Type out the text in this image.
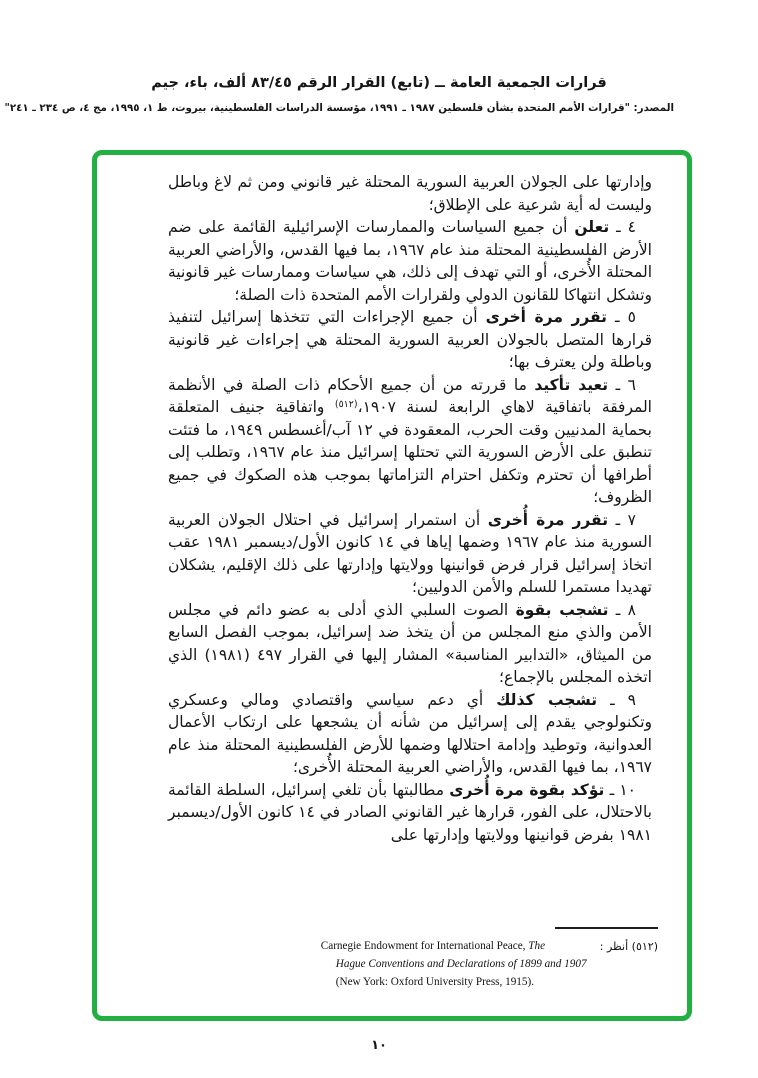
قرارات الجمعية العامة ــ (تابع) القرار الرقم ٨٣/٤٥ ألف، باء، جيم
المصدر: "قرارات الأمم المتحدة بشأن فلسطين ١٩٨٧ ـ ١٩٩١، مؤسسة الدراسات الفلسطينية، بيروت، ط ١، ١٩٩٥، مج ٤، ص ٢٣٤ ـ ٢٤١"

وإدارتها على الجولان العربية السورية المحتلة غير قانوني ومن ثم لاغ وباطل وليست له أية شرعية على الإطلاق؛

٤ ـ تعلن أن جميع السياسات والممارسات الإسرائيلية القائمة على ضم الأرض الفلسطينية المحتلة منذ عام ١٩٦٧، بما فيها القدس، والأراضي العربية المحتلة الأُخرى، أو التي تهدف إلى ذلك، هي سياسات وممارسات غير قانونية وتشكل انتهاكا للقانون الدولي ولقرارات الأمم المتحدة ذات الصلة؛

٥ ـ تقرر مرة أخرى أن جميع الإجراءات التي تتخذها إسرائيل لتنفيذ قرارها المتصل بالجولان العربية السورية المحتلة هي إجراءات غير قانونية وباطلة ولن يعترف بها؛

٦ ـ تعيد تأكيد ما قررته من أن جميع الأحكام ذات الصلة في الأنظمة المرفقة باتفاقية لاهاي الرابعة لسنة ١٩٠٧،$^{(٥١٢)}$ واتفاقية جنيف المتعلقة بحماية المدنيين وقت الحرب، المعقودة في ١٢ آب/أغسطس ١٩٤٩، ما فتئت تنطبق على الأرض السورية التي تحتلها إسرائيل منذ عام ١٩٦٧، وتطلب إلى أطرافها أن تحترم وتكفل احترام التزاماتها بموجب هذه الصكوك في جميع الظروف؛

٧ ـ تقرر مرة أُخرى أن استمرار إسرائيل في احتلال الجولان العربية السورية منذ عام ١٩٦٧ وضمها إياها في ١٤ كانون الأول/ديسمبر ١٩٨١ عقب اتخاذ إسرائيل قرار فرض قوانينها وولايتها وإدارتها على ذلك الإقليم، يشكلان تهديدا مستمرا للسلم والأمن الدوليين؛

٨ ـ تشجب بقوة الصوت السلبي الذي أدلى به عضو دائم في مجلس الأمن والذي منع المجلس من أن يتخذ ضد إسرائيل، بموجب الفصل السابع من الميثاق، «التدابير المناسبة» المشار إليها في القرار ٤٩٧ (١٩٨١) الذي اتخذه المجلس بالإجماع؛

٩ ـ تشجب كذلك أي دعم سياسي واقتصادي ومالي وعسكري وتكنولوجي يقدم إلى إسرائيل من شأنه أن يشجعها على ارتكاب الأعمال العدوانية، وتوطيد وإدامة احتلالها وضمها للأرض الفلسطينية المحتلة منذ عام ١٩٦٧، بما فيها القدس، والأراضي العربية المحتلة الأُخرى؛

١٠ ـ تؤكد بقوة مرة أُخرى مطالبتها بأن تلغي إسرائيل، السلطة القائمة بالاحتلال، على الفور، قرارها غير القانوني الصادر في ١٤ كانون الأول/ديسمبر ١٩٨١ بفرض قوانينها وولايتها وإدارتها على

Carnegie Endowment for International Peace, The
Hague Conventions and Declarations of 1899 and 1907
(New York: Oxford University Press, 1915).
(٥١٢) أنظر :
١٠
